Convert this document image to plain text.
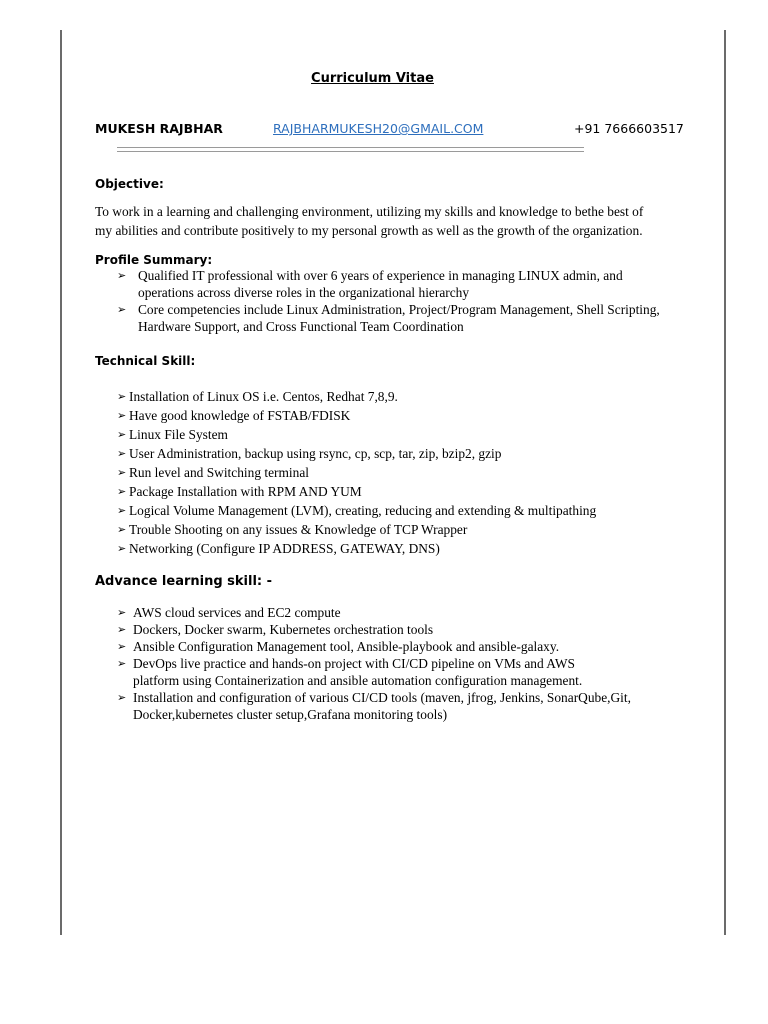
Curriculum Vitae
MUKESH RAJBHAR	RAJBHARMUKESH20@GMAIL.COM	+91 7666603517
Objective:
To work in a learning and challenging environment, utilizing my skills and knowledge to bethe best of
my abilities and contribute positively to my personal growth as well as the growth of the organization.
Profile Summary:
➢ Qualified IT professional with over 6 years of experience in managing LINUX admin, and
operations across diverse roles in the organizational hierarchy
➢ Core competencies include Linux Administration, Project/Program Management, Shell Scripting,
Hardware Support, and Cross Functional Team Coordination
Technical Skill:
➢ Installation of Linux OS i.e. Centos, Redhat 7,8,9.
➢ Have good knowledge of FSTAB/FDISK
➢ Linux File System
➢ User Administration, backup using rsync, cp, scp, tar, zip, bzip2, gzip
➢ Run level and Switching terminal
➢ Package Installation with RPM AND YUM
➢ Logical Volume Management (LVM), creating, reducing and extending & multipathing
➢ Trouble Shooting on any issues & Knowledge of TCP Wrapper
➢ Networking (Configure IP ADDRESS, GATEWAY, DNS)
Advance learning skill: -
➢ AWS cloud services and EC2 compute
➢ Dockers, Docker swarm, Kubernetes orchestration tools
➢ Ansible Configuration Management tool, Ansible-playbook and ansible-galaxy.
➢ DevOps live practice and hands-on project with CI/CD pipeline on VMs and AWS
platform using Containerization and ansible automation configuration management.
➢ Installation and configuration of various CI/CD tools (maven, jfrog, Jenkins, SonarQube,Git,
Docker,kubernetes cluster setup,Grafana monitoring tools)
